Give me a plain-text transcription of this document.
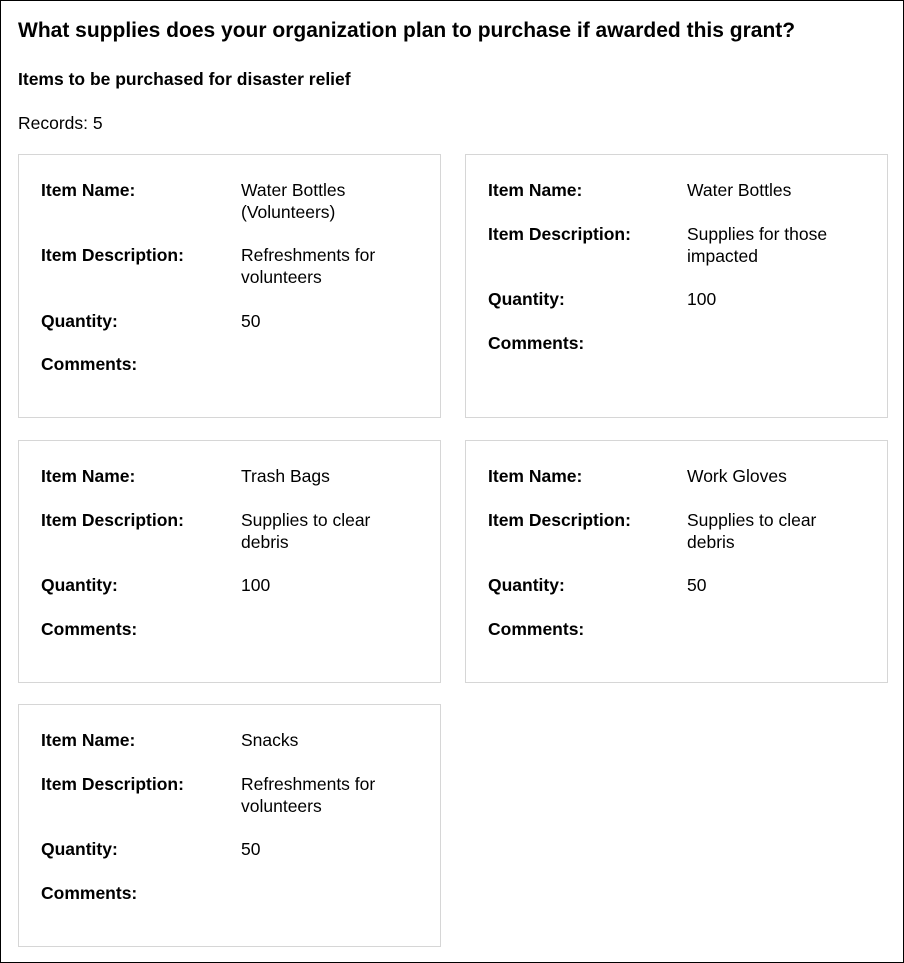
What supplies does your organization plan to purchase if awarded this grant?
Items to be purchased for disaster relief
Records: 5
Item Name:	Water Bottles (Volunteers)
Item Description:	Refreshments for volunteers
Quantity:	50
Comments:
Item Name:	Water Bottles
Item Description:	Supplies for those impacted
Quantity:	100
Comments:
Item Name:	Trash Bags
Item Description:	Supplies to clear debris
Quantity:	100
Comments:
Item Name:	Work Gloves
Item Description:	Supplies to clear debris
Quantity:	50
Comments:
Item Name:	Snacks
Item Description:	Refreshments for volunteers
Quantity:	50
Comments:
